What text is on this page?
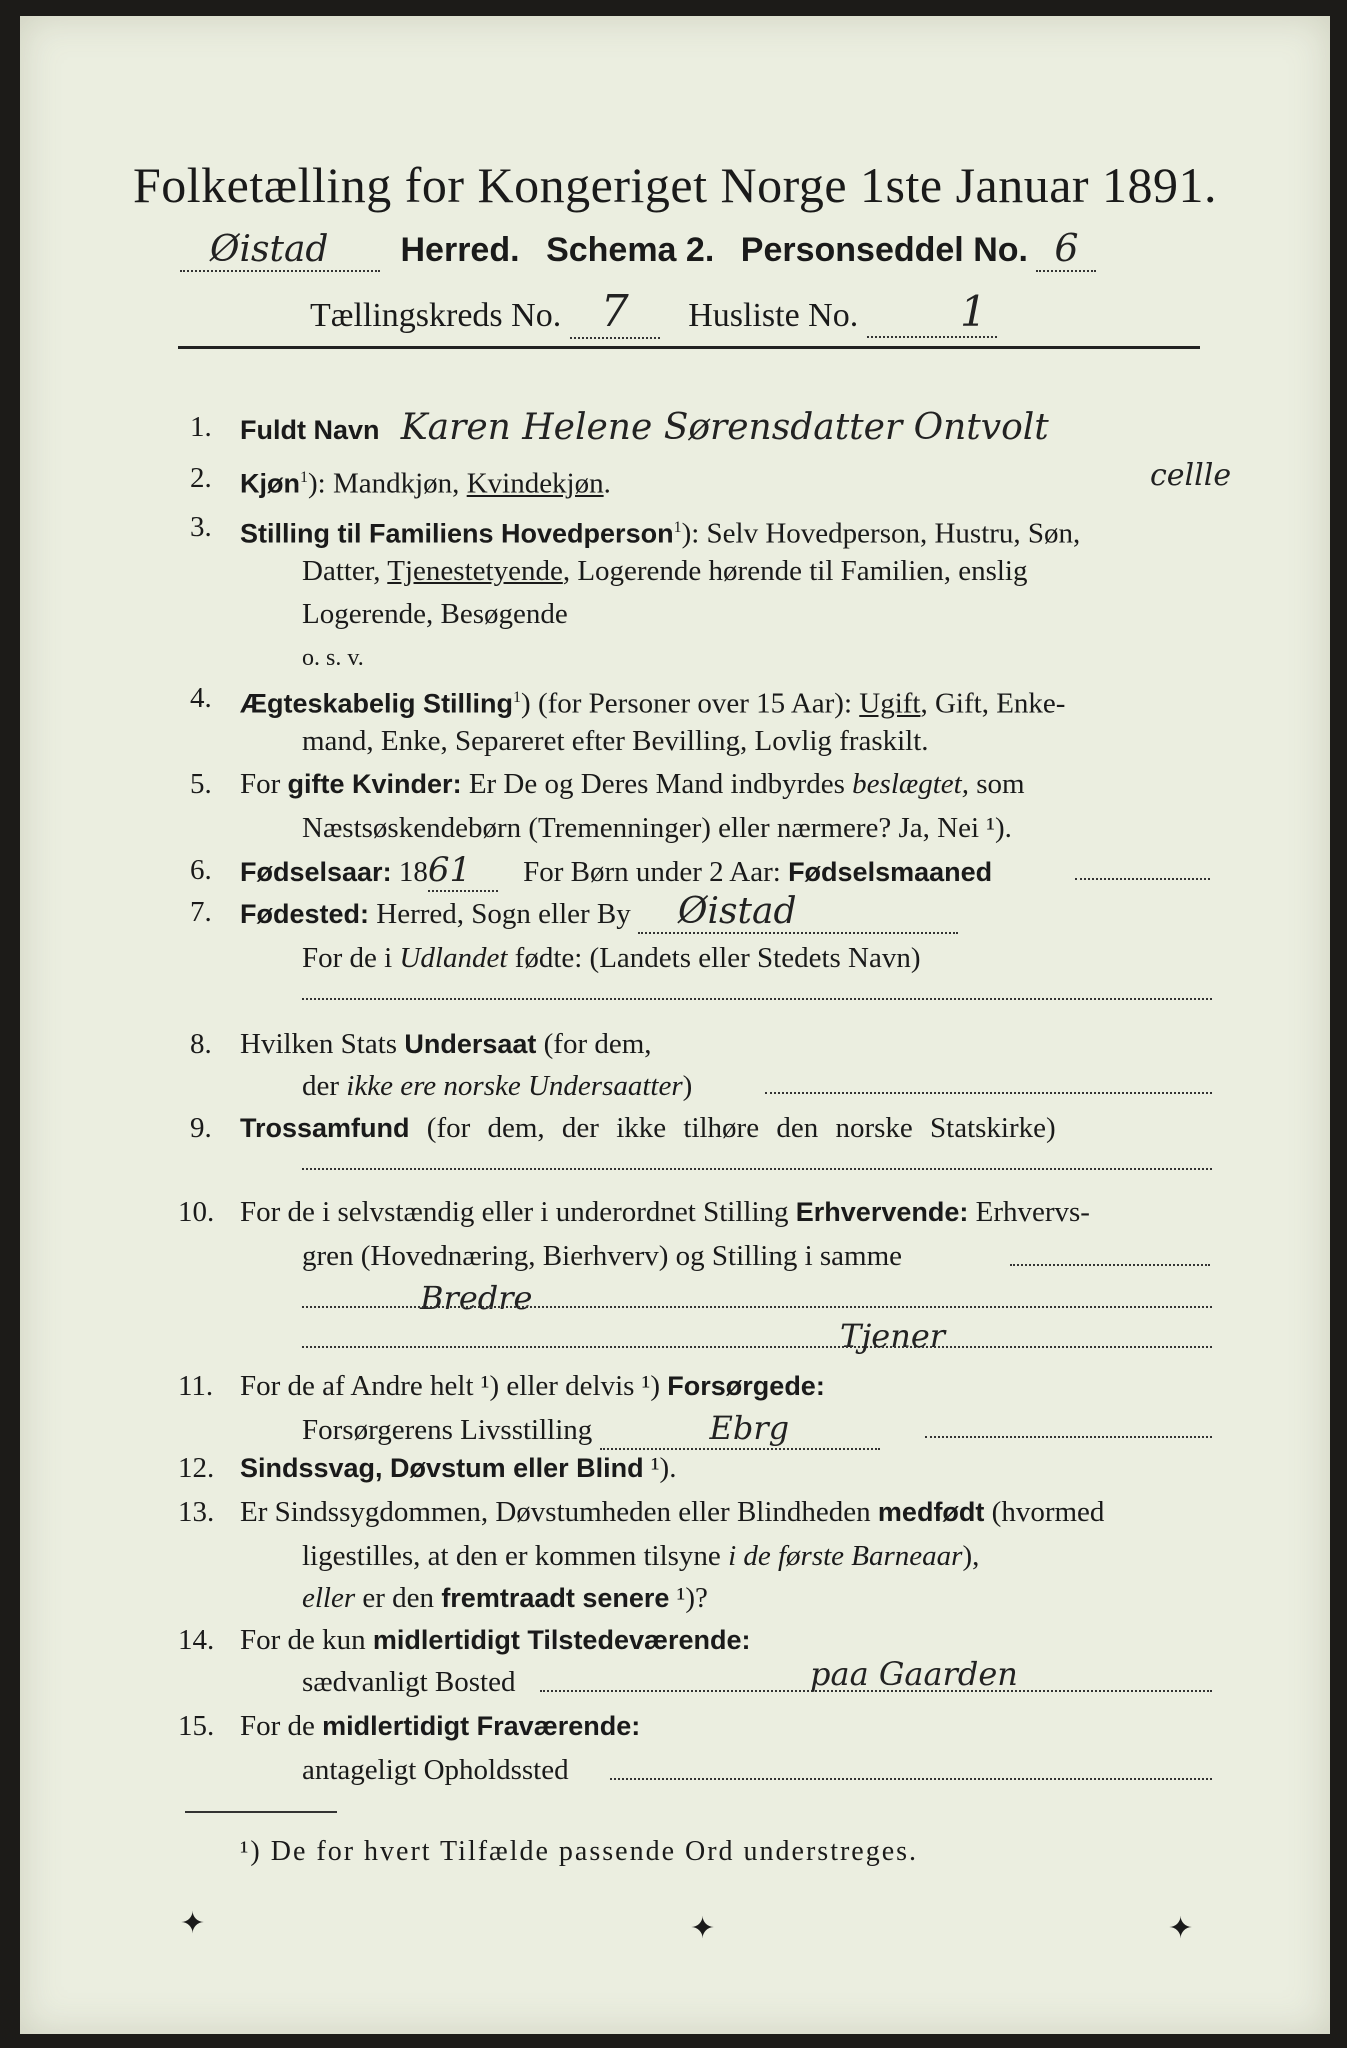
Folketælling for Kongeriget Norge 1ste Januar 1891.
Øistad Herred. Schema 2. Personseddel No. 6
Tællingskreds No. 7 Husliste No. 1
1. Fuldt Navn Karen Helene Sørensdatter Ontvolt
cellle
2. Kjøn$^1$): Mandkjøn, Kvindekjøn.
3. Stilling til Familiens Hovedperson$^1$): Selv Hovedperson, Hustru, Søn,
Datter, Tjenestetyende, Logerende hørende til Familien, enslig
Logerende, Besøgende
o. s. v.
4. Ægteskabelig Stilling$^1$) (for Personer over 15 Aar): Ugift, Gift, Enke-
mand, Enke, Separeret efter Bevilling, Lovlig fraskilt.
5. For gifte Kvinder: Er De og Deres Mand indbyrdes beslægtet, som
Næstsøskendebørn (Tremenninger) eller nærmere? Ja, Nei ¹).
6. Fødselsaar: 1861 For Børn under 2 Aar: Fødselsmaaned
7. Fødested: Herred, Sogn eller By Øistad
For de i Udlandet fødte: (Landets eller Stedets Navn)
8. Hvilken Stats Undersaat (for dem,
der ikke ere norske Undersaatter)
9. Trossamfund (for dem, der ikke tilhøre den norske Statskirke)
10. For de i selvstændig eller i underordnet Stilling Erhvervende: Erhvervs-
gren (Hovednæring, Bierhverv) og Stilling i samme
Bredre
Tjener
11. For de af Andre helt ¹) eller delvis ¹) Forsørgede:
Forsørgerens Livsstilling	Ebrg
12. Sindssvag, Døvstum eller Blind ¹).
13. Er Sindssygdommen, Døvstumheden eller Blindheden medfødt (hvormed
ligestilles, at den er kommen tilsyne i de første Barneaar),
eller er den fremtraadt senere ¹)?
14. For de kun midlertidigt Tilstedeværende:
sædvanligt Bosted	paa Gaarden
15. For de midlertidigt Fraværende:
antageligt Opholdssted
¹) De for hvert Tilfælde passende Ord understreges.
✦	✦	✦
